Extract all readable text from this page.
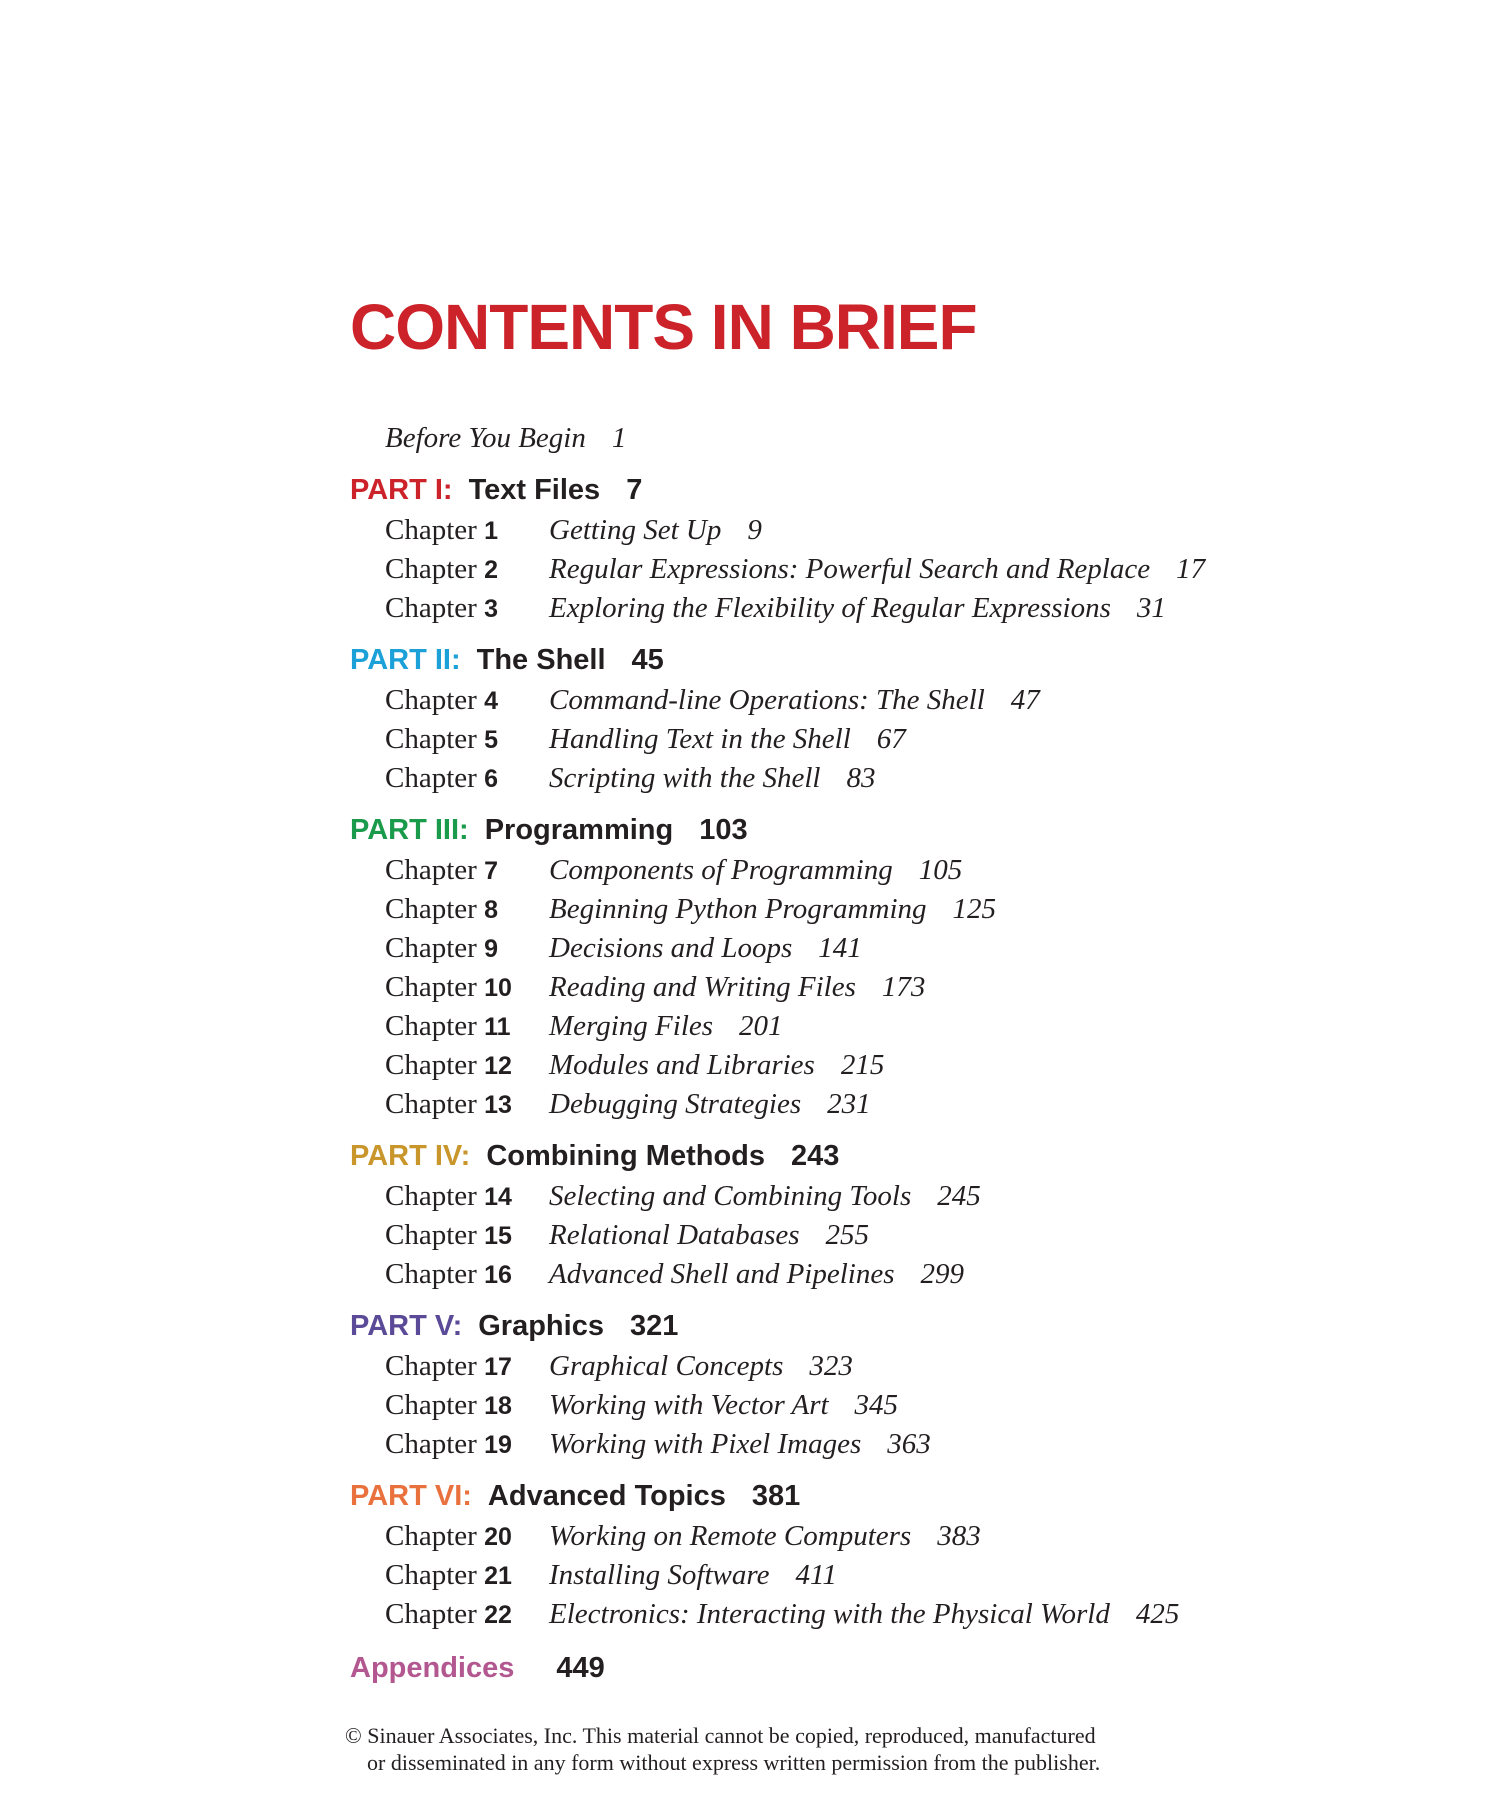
CONTENTS IN BRIEF
Before You Begin 1
PART I: Text Files 7
Chapter 1	Getting Set Up 9
Chapter 2	Regular Expressions: Powerful Search and Replace 17
Chapter 3	Exploring the Flexibility of Regular Expressions 31
PART II: The Shell 45
Chapter 4	Command-line Operations: The Shell 47
Chapter 5	Handling Text in the Shell 67
Chapter 6	Scripting with the Shell 83
PART III: Programming 103
Chapter 7	Components of Programming 105
Chapter 8	Beginning Python Programming 125
Chapter 9	Decisions and Loops 141
Chapter 10	Reading and Writing Files 173
Chapter 11	Merging Files 201
Chapter 12	Modules and Libraries 215
Chapter 13	Debugging Strategies 231
PART IV: Combining Methods 243
Chapter 14	Selecting and Combining Tools 245
Chapter 15	Relational Databases 255
Chapter 16	Advanced Shell and Pipelines 299
PART V: Graphics 321
Chapter 17	Graphical Concepts 323
Chapter 18	Working with Vector Art 345
Chapter 19	Working with Pixel Images 363
PART VI: Advanced Topics 381
Chapter 20	Working on Remote Computers 383
Chapter 21	Installing Software 411
Chapter 22	Electronics: Interacting with the Physical World 425
Appendices 449
© Sinauer Associates, Inc. This material cannot be copied, reproduced, manufactured
or disseminated in any form without express written permission from the publisher.
